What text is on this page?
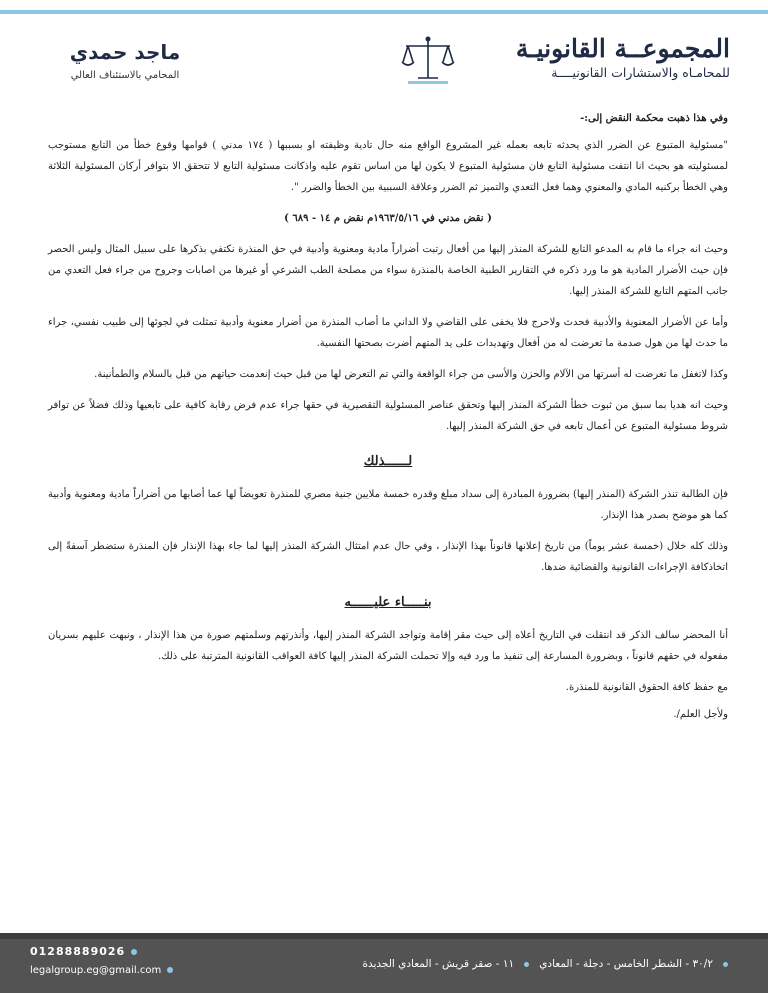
المجموعــة القانونيـة
للمحامـاه والاستشارات القانونيــــة
ماجد حمدي
المحامي بالاستئناف العالي

وفي هذا ذهبت محكمة النقض إلى:-

"مسئولية المتبوع عن الضرر الذي يحدثه تابعه بعمله غير المشروع الواقع منه حال تادية وظيفته او بسببها ( ١٧٤ مدني ) قوامها وقوع خطأ من التابع مستوجب لمسئوليته هو بحيث انا انتفت مسئولية التابع فان مسئولية المتبوع لا يكون لها من اساس تقوم عليه واذكانت مسئولية التابع لا تتحقق الا بتوافر أركان المسئولية الثلاثة وهي الخطأ بركنيه المادي والمعنوي وهما فعل التعدي والتميز ثم الضرر وعلاقة السببية بين الخطأ والضرر ".

( نقض مدني في ١٩٦٣/٥/١٦م نقض م ١٤ - ٦٨٩ )

وحيث انه جراء ما قام به المدعو التابع للشركة المنذر إليها من أفعال رتبت أضراراً مادية ومعنوية وأدبية في حق المنذرة نكتفي بذكرها على سبيل المثال وليس الحصر فإن حيث الأضرار المادية هو ما ورد ذكره في التقارير الطبية الخاصة بالمنذرة سواء من مصلحة الطب الشرعي أو غيرها من اصابات وجروح من جراء فعل التعدي من جانب المتهم التابع للشركة المنذر إليها.

وأما عن الأضرار المعنوية والأدبية فحدث ولاحرج فلا يخفى على القاضي ولا الداني ما أصاب المنذرة من أضرار معنوية وأدبية تمثلت في لجوئها إلى طبيب نفسي، جراء ما حدث لها من هول صدمة ما تعرضت له من أفعال وتهديدات على يد المتهم أضرت بصحتها النفسية.

وكذا لاتغفل ما تعرضت له أسرتها من الآلام والحزن والأسى من جراء الواقعة والتي تم التعرض لها من قبل حيث إنعدمت حياتهم من قبل بالسلام والطمأنينة.

وحيث انه هديا بما سبق من ثبوت خطأ الشركة المنذر إليها وتحقق عناصر المسئولية التقصيرية في حقها جراء عدم فرض رقابة كافية على تابعيها وذلك فضلاً عن توافر شروط مسئولية المتبوع عن أعمال تابعه في حق الشركة المنذر إليها.

لــــــذلك

فإن الطالبة تنذر الشركة (المنذر إليها) بضرورة المبادرة إلى سداد مبلغ وقدره خمسة ملايين جنية مصري للمنذرة تعويضاً لها عما أصابها من أضراراً مادية ومعنوية وأدبية كما هو موضح بصدر هذا الإنذار.

وذلك كله خلال (خمسة عشر يوماً) من تاريخ إعلانها قانوناً بهذا الإنذار ، وفي حال عدم امتثال الشركة المنذر إليها لما جاء بهذا الإنذار فإن المنذرة ستضطر آسفةً إلى اتخاذكافة الإجراءات القانونية والقضائية ضدها.

بنـــــاء عليــــــه

أنا المحضر سالف الذكر قد انتقلت في التاريخ أعلاه إلى حيث مقر إقامة وتواجد الشركة المنذر إليها، وأنذرتهم وسلمتهم صورة من هذا الإنذار ، ونبهت عليهم بسريان مفعوله في حقهم قانوناً ، وبضرورة المسارعة إلى تنفيذ ما ورد فيه وإلا تحملت الشركة المنذر إليها كافة العواقب القانونية المترتبة على ذلك.

مع حفظ كافة الحقوق القانونية للمنذرة.

ولأجل العلم/.

٣٠/٢ - الشطر الخامس - دجلة - المعادي١١ - صقر قريش - المعادي الجديدة
01288889026
legalgroup.eg@gmail.com
